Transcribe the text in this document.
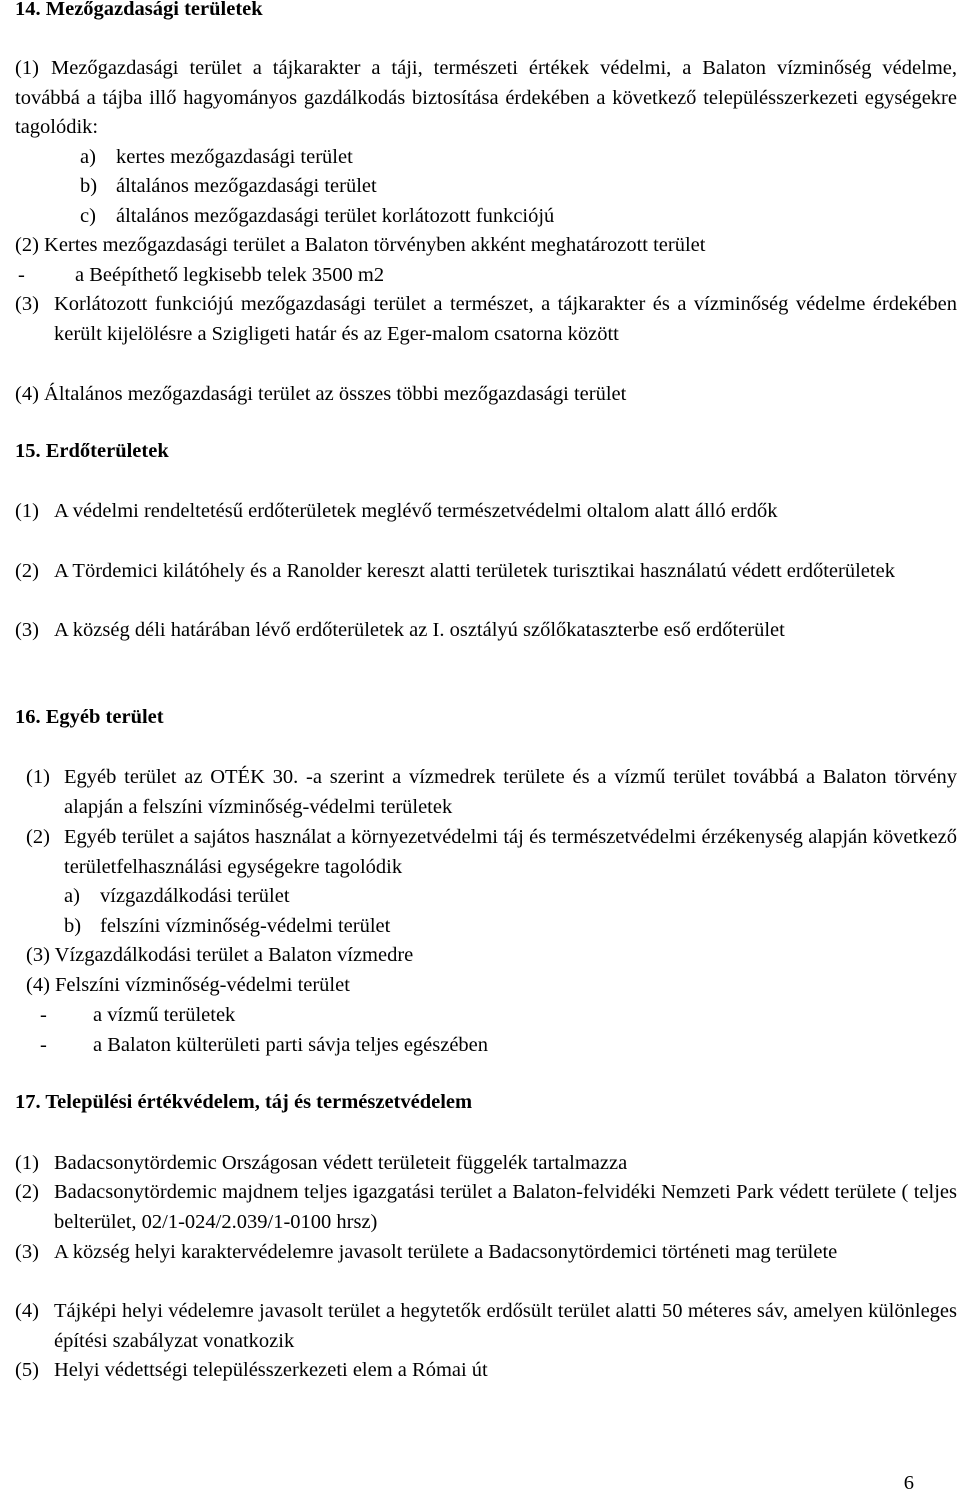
14. Mezőgazdasági területek
(1) Mezőgazdasági terület a tájkarakter a táji, természeti értékek védelmi, a Balaton vízminőség védelme, továbbá a tájba illő hagyományos gazdálkodás biztosítása érdekében a következő településszerkezeti egységekre tagolódik:
a) kertes mezőgazdasági terület
b) általános mezőgazdasági terület
c) általános mezőgazdasági terület korlátozott funkciójú
(2) Kertes mezőgazdasági terület a Balaton törvényben akként meghatározott terület
- a Beépíthető legkisebb telek 3500 m2
(3) Korlátozott funkciójú mezőgazdasági terület a természet, a tájkarakter és a vízminőség védelme érdekében került kijelölésre a Szigligeti határ és az Eger-malom csatorna között
(4) Általános mezőgazdasági terület az összes többi mezőgazdasági terület
15. Erdőterületek
(1) A védelmi rendeltetésű erdőterületek meglévő természetvédelmi oltalom alatt álló erdők
(2) A Tördemici kilátóhely és a Ranolder kereszt alatti területek turisztikai használatú védett erdőterületek
(3) A község déli határában lévő erdőterületek az I. osztályú szőlőkataszterbe eső erdőterület
16. Egyéb terület
(1) Egyéb terület az OTÉK 30. -a szerint a vízmedrek területe és a vízmű terület továbbá a Balaton törvény alapján a felszíni vízminőség-védelmi területek
(2) Egyéb terület a sajátos használat a környezetvédelmi táj és természetvédelmi érzékenység alapján következő területfelhasználási egységekre tagolódik
a) vízgazdálkodási terület
b) felszíni vízminőség-védelmi terület
(3) Vízgazdálkodási terület a Balaton vízmedre
(4) Felszíni vízminőség-védelmi terület
- a vízmű területek
- a Balaton külterületi parti sávja teljes egészében
17. Települési értékvédelem, táj és természetvédelem
(1) Badacsonytördemic Országosan védett területeit függelék tartalmazza
(2) Badacsonytördemic majdnem teljes igazgatási terület a Balaton-felvidéki Nemzeti Park védett területe ( teljes belterület, 02/1-024/2.039/1-0100 hrsz)
(3) A község helyi karaktervédelemre javasolt területe a Badacsonytördemici történeti mag területe
(4) Tájképi helyi védelemre javasolt terület a hegytetők erdősült terület alatti 50 méteres sáv, amelyen különleges építési szabályzat vonatkozik
(5) Helyi védettségi településszerkezeti elem a Római út
6
